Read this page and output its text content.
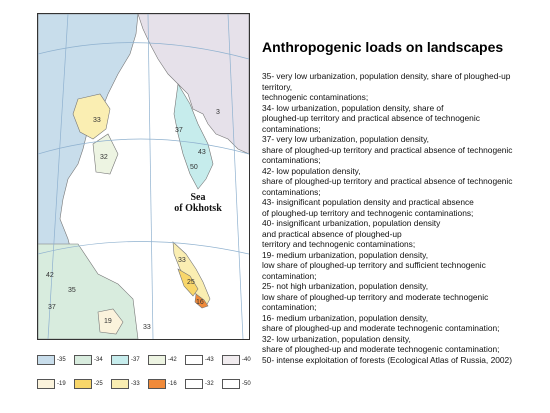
Sea
of Okhotsk
33
32
37
43
33
42
35
37
19
33
16
25
50
3
-35	-34	-37	-42	-43	-40
-19	-25	-33	-16	-32	-50
Anthropogenic loads on landscapes
35- very low urbanization, population density, share of ploughed-up
territory,
technogenic contaminations;
34- low urbanization, population density, share of
ploughed-up territory and practical absence of technogenic
contaminations;
37- very low urbanization, population density,
share of ploughed-up territory and practical absence of technogenic
contaminations;
42- low population density,
share of ploughed-up territory and practical absence of technogenic
contaminations;
43- insignificant population density and practical absence
of ploughed-up territory and technogenic contaminations;
40- insignificant urbanization, population density
and practical absence of ploughed-up
territory and technogenic contaminations;
19- medium urbanization, population density,
low share of ploughed-up territory and sufficient technogenic
contamination;
25- not high urbanization, population density,
low share of ploughed-up territory and moderate technogenic
contamination;
16- medium urbanization, population density,
share of ploughed-up and moderate technogenic contamination;
32- low urbanization, population density,
share of ploughed-up and moderate technogenic contamination;
50- intense exploitation of forests (Ecological Atlas of Russia, 2002)
